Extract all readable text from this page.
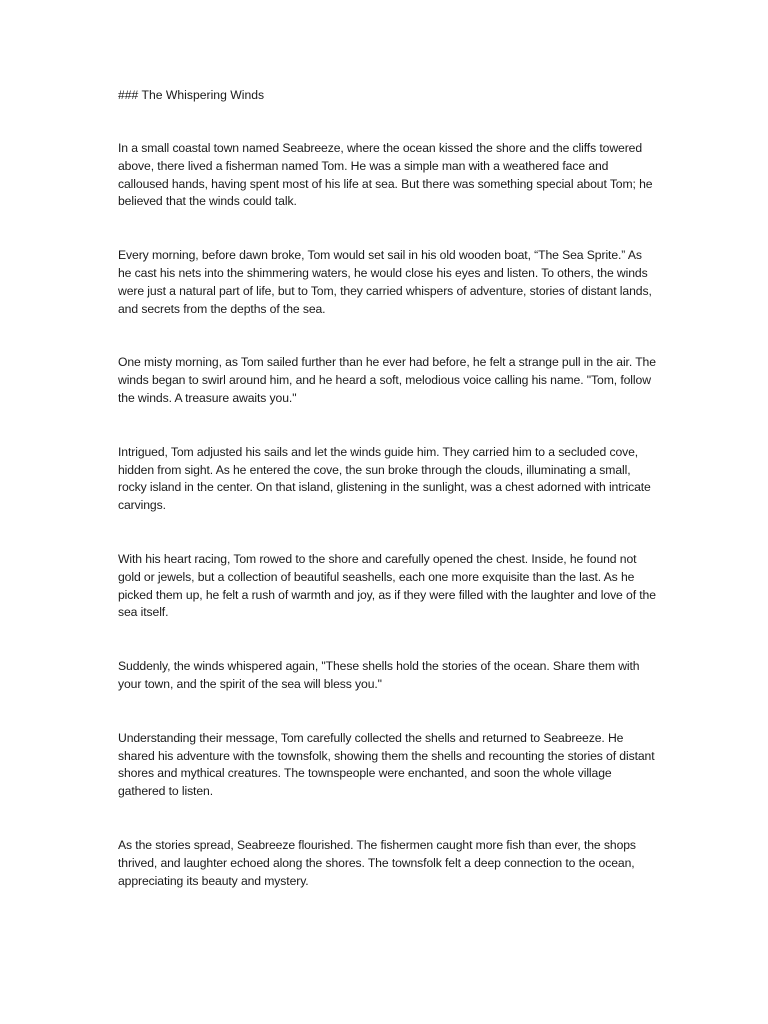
### The Whispering Winds

In a small coastal town named Seabreeze, where the ocean kissed the shore and the cliffs towered above, there lived a fisherman named Tom. He was a simple man with a weathered face and calloused hands, having spent most of his life at sea. But there was something special about Tom; he believed that the winds could talk.

Every morning, before dawn broke, Tom would set sail in his old wooden boat, “The Sea Sprite.” As he cast his nets into the shimmering waters, he would close his eyes and listen. To others, the winds were just a natural part of life, but to Tom, they carried whispers of adventure, stories of distant lands, and secrets from the depths of the sea.

One misty morning, as Tom sailed further than he ever had before, he felt a strange pull in the air. The winds began to swirl around him, and he heard a soft, melodious voice calling his name. "Tom, follow the winds. A treasure awaits you."

Intrigued, Tom adjusted his sails and let the winds guide him. They carried him to a secluded cove, hidden from sight. As he entered the cove, the sun broke through the clouds, illuminating a small, rocky island in the center. On that island, glistening in the sunlight, was a chest adorned with intricate carvings.

With his heart racing, Tom rowed to the shore and carefully opened the chest. Inside, he found not gold or jewels, but a collection of beautiful seashells, each one more exquisite than the last. As he picked them up, he felt a rush of warmth and joy, as if they were filled with the laughter and love of the sea itself.

Suddenly, the winds whispered again, "These shells hold the stories of the ocean. Share them with your town, and the spirit of the sea will bless you."

Understanding their message, Tom carefully collected the shells and returned to Seabreeze. He shared his adventure with the townsfolk, showing them the shells and recounting the stories of distant shores and mythical creatures. The townspeople were enchanted, and soon the whole village gathered to listen.

As the stories spread, Seabreeze flourished. The fishermen caught more fish than ever, the shops thrived, and laughter echoed along the shores. The townsfolk felt a deep connection to the ocean, appreciating its beauty and mystery.
